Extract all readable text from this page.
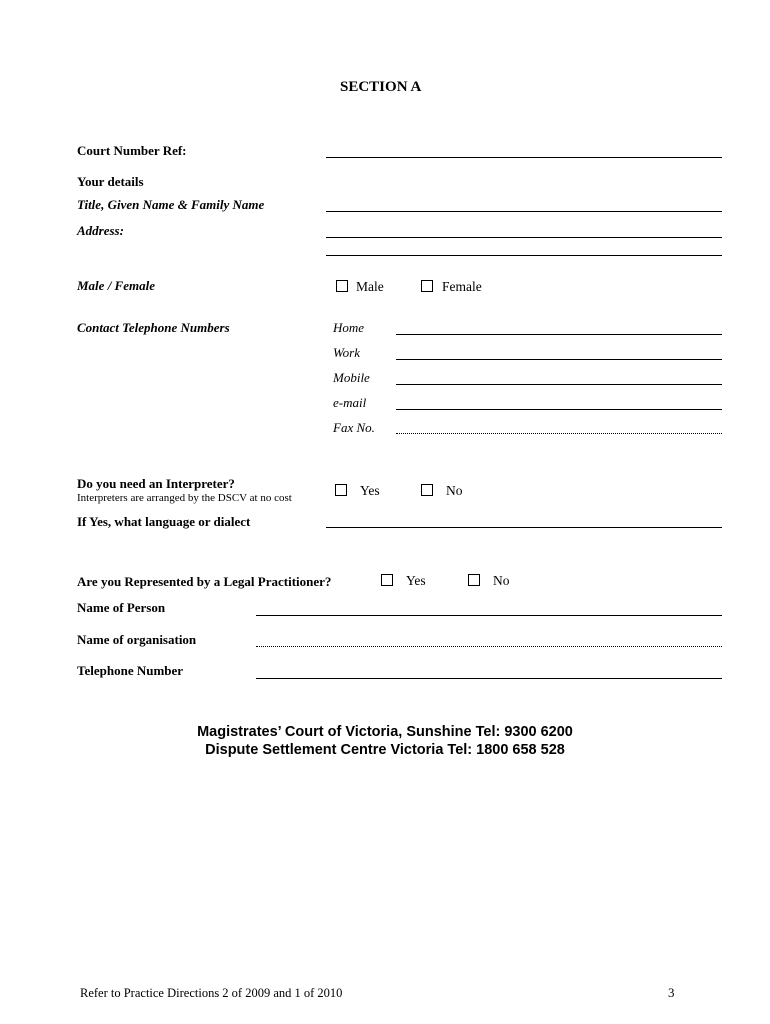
SECTION A
Court Number Ref:
Your details
Title, Given Name & Family Name
Address:
Male / Female	Male	Female
Contact Telephone Numbers	Home
Work
Mobile
e-mail
Fax No.
Do you need an Interpreter?
Interpreters are arranged by the DSCV at no cost	Yes	No
If Yes, what language or dialect
Are you Represented by a Legal Practitioner?	Yes	No
Name of Person
Name of organisation
Telephone Number
Magistrates’ Court of Victoria, Sunshine Tel: 9300 6200
Dispute Settlement Centre Victoria Tel: 1800 658 528
Refer to Practice Directions 2 of 2009 and 1 of 2010	3
